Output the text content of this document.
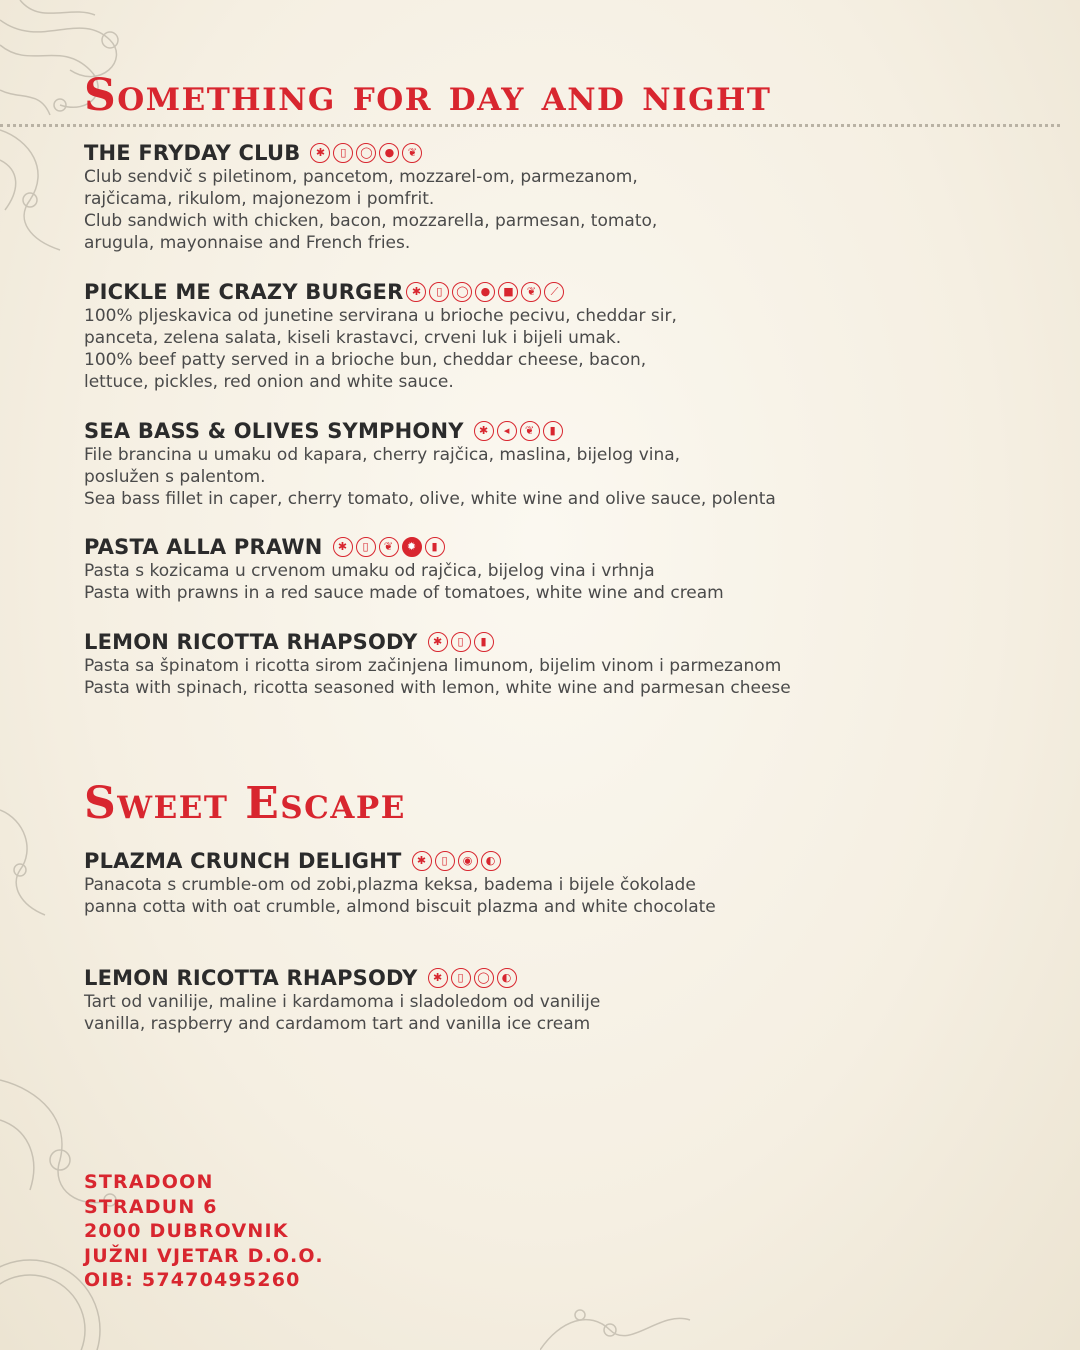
Something for day and night
THE FRYDAY CLUB	✱	▯	◯	●	❦

Club sendvič s piletinom, pancetom, mozzarel-om, parmezanom,
rajčicama, rikulom, majonezom i pomfrit.
Club sandwich with chicken, bacon, mozzarella, parmesan, tomato,
arugula, mayonnaise and French fries.

PICKLE ME CRAZY BURGER ✱	▯	◯	●	■	❦	⟋

100% pljeskavica od junetine servirana u brioche pecivu, cheddar sir,
panceta, zelena salata, kiseli krastavci, crveni luk i bijeli umak.
100% beef patty served in a brioche bun, cheddar cheese, bacon,
lettuce, pickles, red onion and white sauce.

SEA BASS & OLIVES SYMPHONY	✱	◂	❦	▮

File brancina u umaku od kapara, cherry rajčica, maslina, bijelog vina,
poslužen s palentom.
Sea bass fillet in caper, cherry tomato, olive, white wine and olive sauce, polenta

PASTA ALLA PRAWN	✱	▯	❦	✹	▮

Pasta s kozicama u crvenom umaku od rajčica, bijelog vina i vrhnja
Pasta with prawns in a red sauce made of tomatoes, white wine and cream

LEMON RICOTTA RHAPSODY	✱	▯	▮

Pasta sa špinatom i ricotta sirom začinjena limunom, bijelim vinom i parmezanom
Pasta with spinach, ricotta seasoned with lemon, white wine and parmesan cheese

Sweet Escape
PLAZMA CRUNCH DELIGHT	✱	▯	◉	◐

Panacota s crumble-om od zobi,plazma keksa, badema i bijele čokolade
panna cotta with oat crumble, almond biscuit plazma and white chocolate

LEMON RICOTTA RHAPSODY	✱	▯	◯	◐

Tart od vanilije, maline i kardamoma i sladoledom od vanilije
vanilla, raspberry and cardamom tart and vanilla ice cream

STRADOON
STRADUN 6
2000 DUBROVNIK
JUŽNI VJETAR D.O.O.
OIB: 57470495260
